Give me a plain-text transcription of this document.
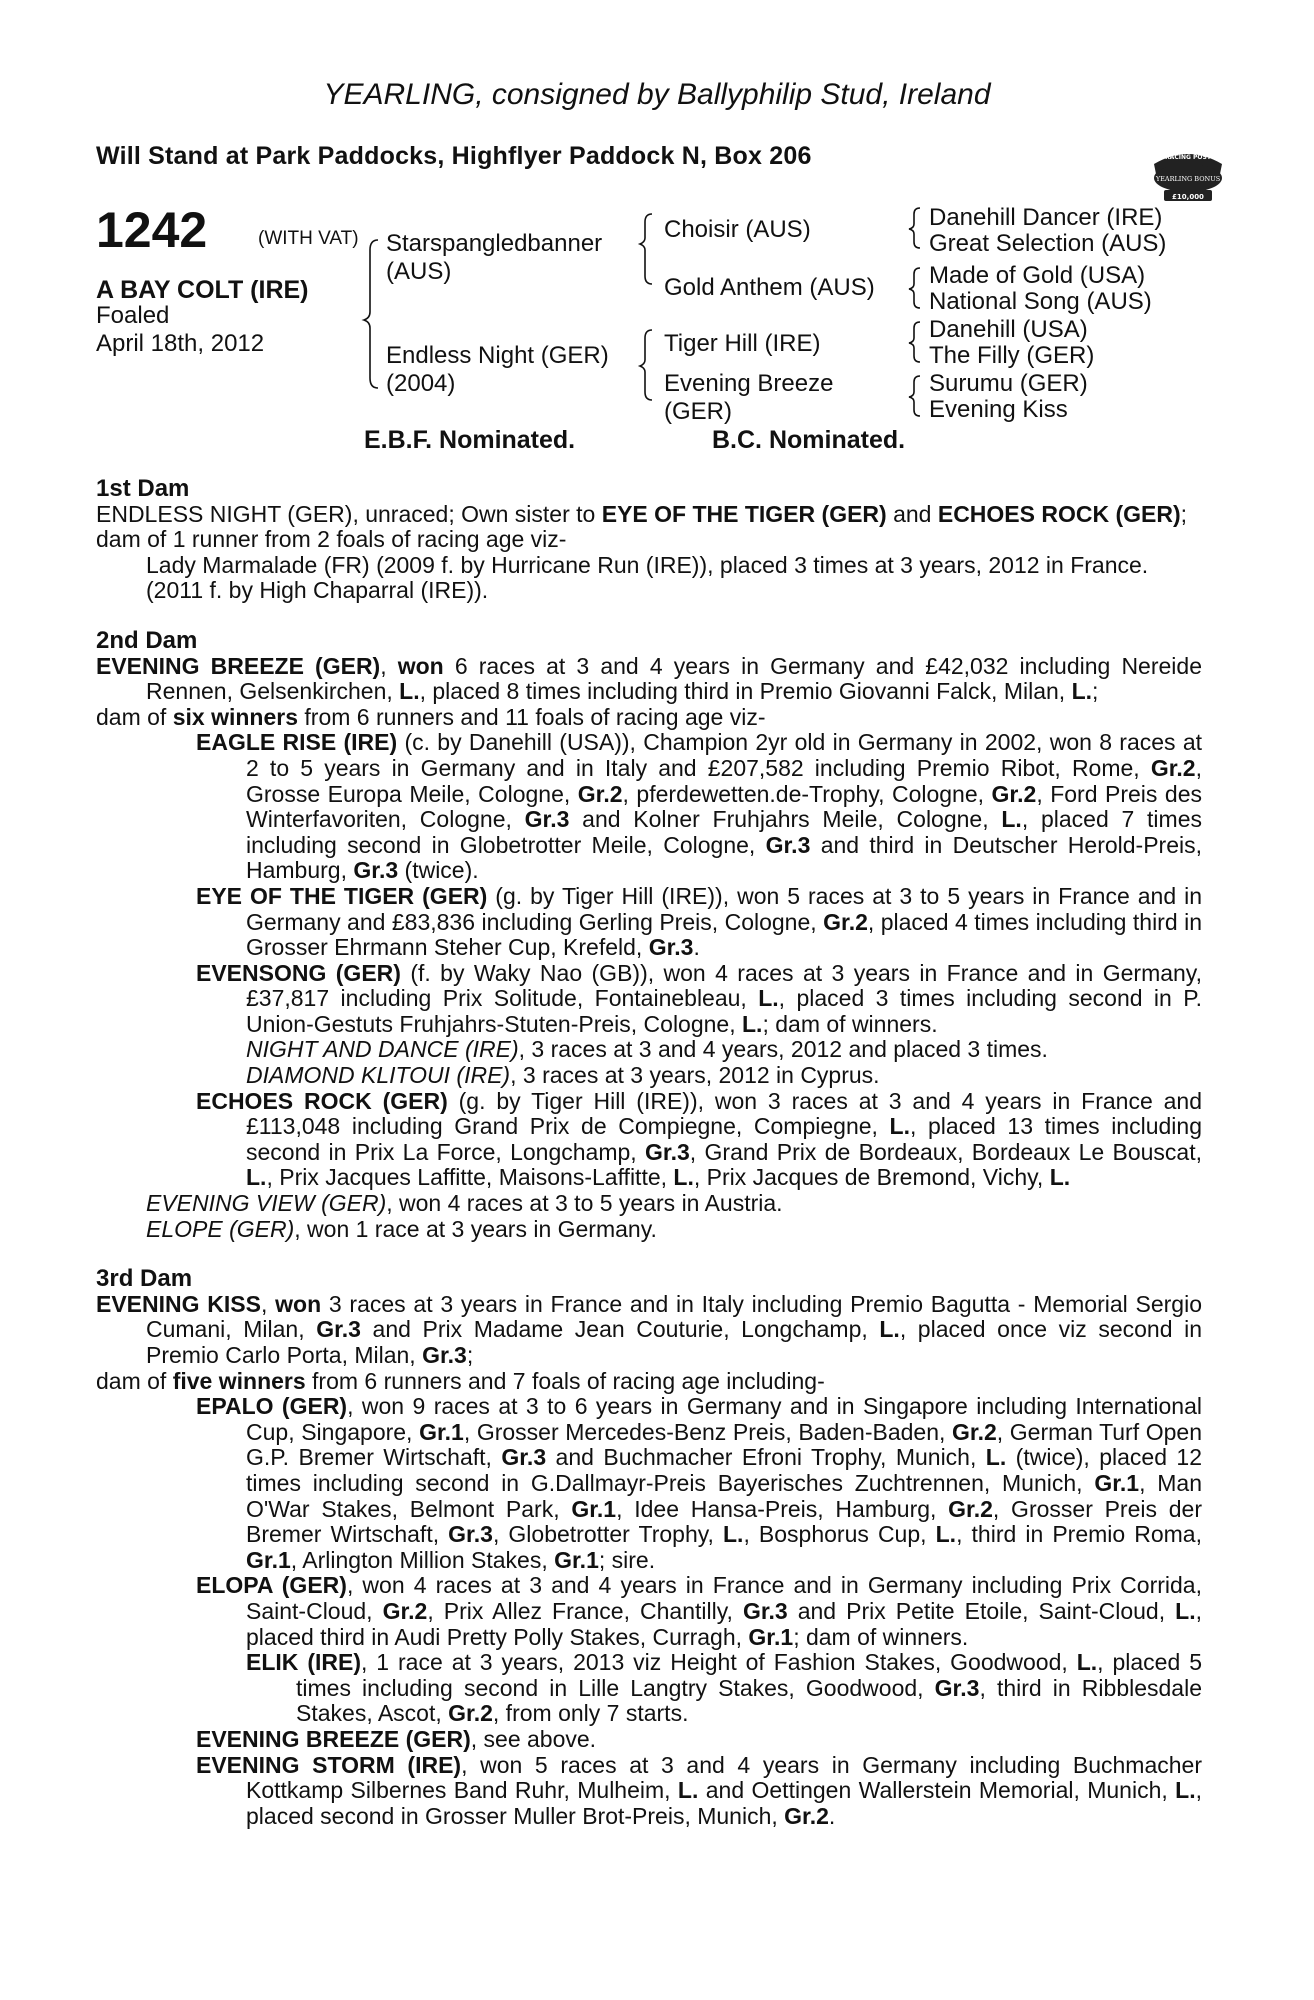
YEARLING, consigned by Ballyphilip Stud, Ireland
Will Stand at Park Paddocks, Highflyer Paddock N, Box 206	RACING POST
YEARLING BONUS
£10,000
1242	(WITH VAT)
A BAY COLT (IRE)
Foaled
April 18th, 2012
Starspangledbanner
(AUS)
Endless Night (GER)
(2004)
Choisir (AUS)
Gold Anthem (AUS)
Tiger Hill (IRE)
Evening Breeze
(GER)
Danehill Dancer (IRE)
Great Selection (AUS)
Made of Gold (USA)
National Song (AUS)
Danehill (USA)
The Filly (GER)
Surumu (GER)
Evening Kiss
E.B.F. Nominated.	B.C. Nominated.
1st Dam

ENDLESS NIGHT (GER), unraced; Own sister to EYE OF THE TIGER (GER) and ECHOES ROCK (GER);

dam of 1 runner from 2 foals of racing age viz-

Lady Marmalade (FR) (2009 f. by Hurricane Run (IRE)), placed 3 times at 3 years, 2012 in France.

(2011 f. by High Chaparral (IRE)).

2nd Dam

EVENING BREEZE (GER), won 6 races at 3 and 4 years in Germany and £42,032 including Nereide Rennen, Gelsenkirchen, L., placed 8 times including third in Premio Giovanni Falck, Milan, L.;

dam of six winners from 6 runners and 11 foals of racing age viz-

EAGLE RISE (IRE) (c. by Danehill (USA)), Champion 2yr old in Germany in 2002, won 8 races at 2 to 5 years in Germany and in Italy and £207,582 including Premio Ribot, Rome, Gr.2, Grosse Europa Meile, Cologne, Gr.2, pferdewetten.de-Trophy, Cologne, Gr.2, Ford Preis des Winterfavoriten, Cologne, Gr.3 and Kolner Fruhjahrs Meile, Cologne, L., placed 7 times including second in Globetrotter Meile, Cologne, Gr.3 and third in Deutscher Herold-Preis, Hamburg, Gr.3 (twice).

EYE OF THE TIGER (GER) (g. by Tiger Hill (IRE)), won 5 races at 3 to 5 years in France and in Germany and £83,836 including Gerling Preis, Cologne, Gr.2, placed 4 times including third in Grosser Ehrmann Steher Cup, Krefeld, Gr.3.

EVENSONG (GER) (f. by Waky Nao (GB)), won 4 races at 3 years in France and in Germany, £37,817 including Prix Solitude, Fontainebleau, L., placed 3 times including second in P. Union-Gestuts Fruhjahrs-Stuten-Preis, Cologne, L.; dam of winners.

NIGHT AND DANCE (IRE), 3 races at 3 and 4 years, 2012 and placed 3 times.

DIAMOND KLITOUI (IRE), 3 races at 3 years, 2012 in Cyprus.

ECHOES ROCK (GER) (g. by Tiger Hill (IRE)), won 3 races at 3 and 4 years in France and £113,048 including Grand Prix de Compiegne, Compiegne, L., placed 13 times including second in Prix La Force, Longchamp, Gr.3, Grand Prix de Bordeaux, Bordeaux Le Bouscat, L., Prix Jacques Laffitte, Maisons-Laffitte, L., Prix Jacques de Bremond, Vichy, L.

EVENING VIEW (GER), won 4 races at 3 to 5 years in Austria.

ELOPE (GER), won 1 race at 3 years in Germany.

3rd Dam

EVENING KISS, won 3 races at 3 years in France and in Italy including Premio Bagutta - Memorial Sergio Cumani, Milan, Gr.3 and Prix Madame Jean Couturie, Longchamp, L., placed once viz second in Premio Carlo Porta, Milan, Gr.3;

dam of five winners from 6 runners and 7 foals of racing age including-

EPALO (GER), won 9 races at 3 to 6 years in Germany and in Singapore including International Cup, Singapore, Gr.1, Grosser Mercedes-Benz Preis, Baden-Baden, Gr.2, German Turf Open G.P. Bremer Wirtschaft, Gr.3 and Buchmacher Efroni Trophy, Munich, L. (twice), placed 12 times including second in G.Dallmayr-Preis Bayerisches Zuchtrennen, Munich, Gr.1, Man O'War Stakes, Belmont Park, Gr.1, Idee Hansa-Preis, Hamburg, Gr.2, Grosser Preis der Bremer Wirtschaft, Gr.3, Globetrotter Trophy, L., Bosphorus Cup, L., third in Premio Roma, Gr.1, Arlington Million Stakes, Gr.1; sire.

ELOPA (GER), won 4 races at 3 and 4 years in France and in Germany including Prix Corrida, Saint-Cloud, Gr.2, Prix Allez France, Chantilly, Gr.3 and Prix Petite Etoile, Saint-Cloud, L., placed third in Audi Pretty Polly Stakes, Curragh, Gr.1; dam of winners.

ELIK (IRE), 1 race at 3 years, 2013 viz Height of Fashion Stakes, Goodwood, L., placed 5 times including second in Lille Langtry Stakes, Goodwood, Gr.3, third in Ribblesdale Stakes, Ascot, Gr.2, from only 7 starts.

EVENING BREEZE (GER), see above.

EVENING STORM (IRE), won 5 races at 3 and 4 years in Germany including Buchmacher Kottkamp Silbernes Band Ruhr, Mulheim, L. and Oettingen Wallerstein Memorial, Munich, L., placed second in Grosser Muller Brot-Preis, Munich, Gr.2.
